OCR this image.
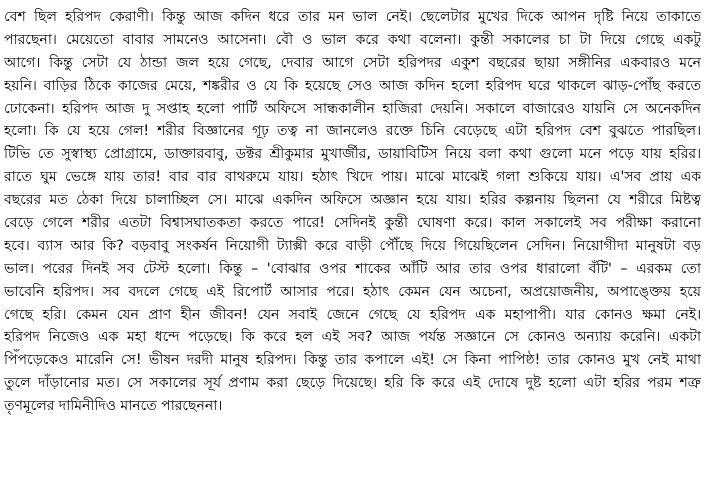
বেশ ছিল হরিপদ কেরাণী। কিন্তু আজ কদিন ধরে তার মন ভাল নেই। ছেলেটার মুখের দিকে আপন দৃষ্টি নিয়ে তাকাতে
পারছেনা। মেয়েতো বাবার সামনেও আসেনা। বৌ ও ভাল করে কথা বলেনা। কুন্তী সকালের চা টা দিয়ে গেছে একটু
আগে। কিন্তু সেটা যে ঠান্ডা জল হয়ে গেছে, দেবার আগে সেটা হরিপদর একুশ বছরের ছায়া সঙ্গীনির একবারও মনে
হয়নি। বাড়ির ঠিকে কাজের মেয়ে, শঙ্করীর ও যে কি হয়েছে সেও আজ কদিন হলো হরিপদ ঘরে থাকলে ঝাড়-পোঁছ করতে
ঢোকেনা। হরিপদ আজ দু সপ্তাহ হলো পার্টি অফিসে সান্ধকালীন হাজিরা দেয়নি। সকালে বাজারেও যায়নি সে অনেকদিন
হলো। কি যে হয়ে গেল! শরীর বিজ্ঞানের গূঢ় তত্ব না জানলেও রক্তে চিনি বেড়েছে এটা হরিপদ বেশ বুঝতে পারছিল।
টিভি তে সুস্বাস্থ্য প্রোগ্রামে, ডাক্তারবাবু, ডক্টর শ্রীকুমার মুখার্জীর, ডায়াবিটিস নিয়ে বলা কথা গুলো মনে পড়ে যায় হরির।
রাতে ঘুম ভেঙ্গে যায় তার! বার বার বাথরুমে যায়। হঠাৎ খিদে পায়। মাঝে মাঝেই গলা শুকিয়ে যায়। এ'সব প্রায় এক
বছরের মত ঠেকা দিয়ে চালাচ্ছিল সে। মাঝে একদিন অফিসে অজ্ঞান হয়ে যায়। হরির কল্পনায় ছিলনা যে শরীরে মিষ্টত্ব
বেড়ে গেলে শরীর এতটা বিশ্বাসঘাতকতা করতে পারে! সেদিনই কুন্তী ঘোষণা করে। কাল সকালেই সব পরীক্ষা করানো
হবে। ব্যাস আর কি? বড়বাবু সংকর্ষন নিয়োগী ট্যাক্সী করে বাড়ী পৌঁছে দিয়ে গিয়েছিলেন সেদিন। নিয়োগীদা মানুষটা বড়
ভাল। পরের দিনই সব টেস্ট হলো। কিন্তু – 'বোঝার ওপর শাকের আঁটি আর তার ওপর ধারালো বঁটি' – এরকম তো
ভাবেনি হরিপদ। সব বদলে গেছে এই রিপোর্ট আসার পরে। হঠাৎ কেমন যেন অচেনা, অপ্রয়োজনীয়, অপাঙ্ক্তেয় হয়ে
গেছে হরি। কেমন যেন প্রাণ হীন জীবন! যেন সবাই জেনে গেছে যে হরিপদ এক মহাপাপী। যার কোনও ক্ষমা নেই।
হরিপদ নিজেও এক মহা ধন্দে পড়েছে। কি করে হল এই সব? আজ পর্যন্ত সজ্ঞানে সে কোনও অন্যায় করেনি। একটা
পিঁপড়েকেও মারেনি সে! ভীষন দরদী মানুষ হরিপদ। কিন্তু তার কপালে এই! সে কিনা পাপিষ্ঠ! তার কোনও মুখ নেই মাথা
তুলে দাঁড়ানোর মত। সে সকালের সূর্য প্রণাম করা ছেড়ে দিয়েছে। হরি কি করে এই দোষে দুষ্ট হলো এটা হরির পরম শত্রু
তৃণমূলের দামিনীদিও মানতে পারছেননা।
